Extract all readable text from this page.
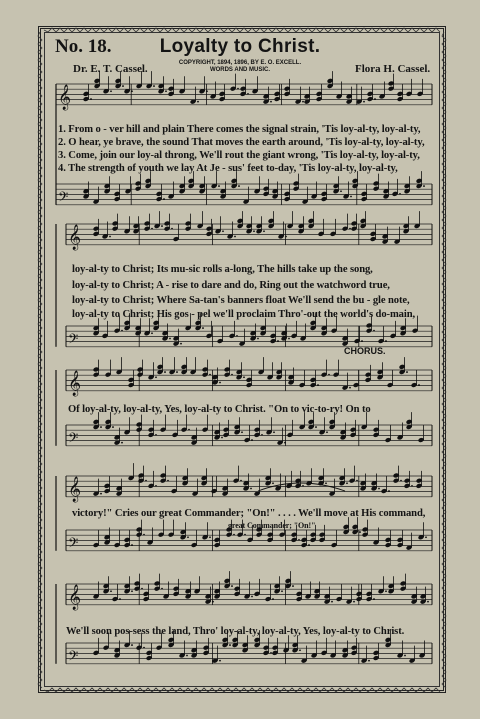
No. 18.	Loyalty to Christ.
Dr. E. T. Cassel.	COPYRIGHT, 1894, 1896, BY E. O. EXCELL.
WORDS AND MUSIC.	Flora H. Cassel.
𝄞
𝄢
𝄞
𝄢
𝄞
𝄢
𝄞
𝄢
𝄞
𝄢
1. From o - ver hill and plain There comes the signal strain, 'Tis loy-al-ty, loy-al-ty,
2. O hear, ye brave, the sound That moves the earth around, 'Tis loy-al-ty, loy-al-ty,
3. Come, join our loy-al throng, We'll rout the giant wrong, 'Tis loy-al-ty, loy-al-ty,
4. The strength of youth we lay At Je - sus' feet to-day, 'Tis loy-al-ty, loy-al-ty,
loy-al-ty to Christ; Its mu-sic rolls a-long, The hills take up the song,
loy-al-ty to Christ; A - rise to dare and do, Ring out the watchword true,
loy-al-ty to Christ; Where Sa-tan's banners float We'll send the bu - gle note,
loy-al-ty to Christ; His gos - pel we'll proclaim Thro'-out the world's do-main,
CHORUS.
Of loy-al-ty, loy-al-ty, Yes, loy-al-ty to Christ. "On to vic-to-ry! On to
victory!" Cries our great Commander; "On!" . . . . We'll move at His command,
great Commander; "On!"
We'll soon pos-sess the land, Thro' loy-al-ty, loy-al-ty, Yes, loy-al-ty to Christ.
